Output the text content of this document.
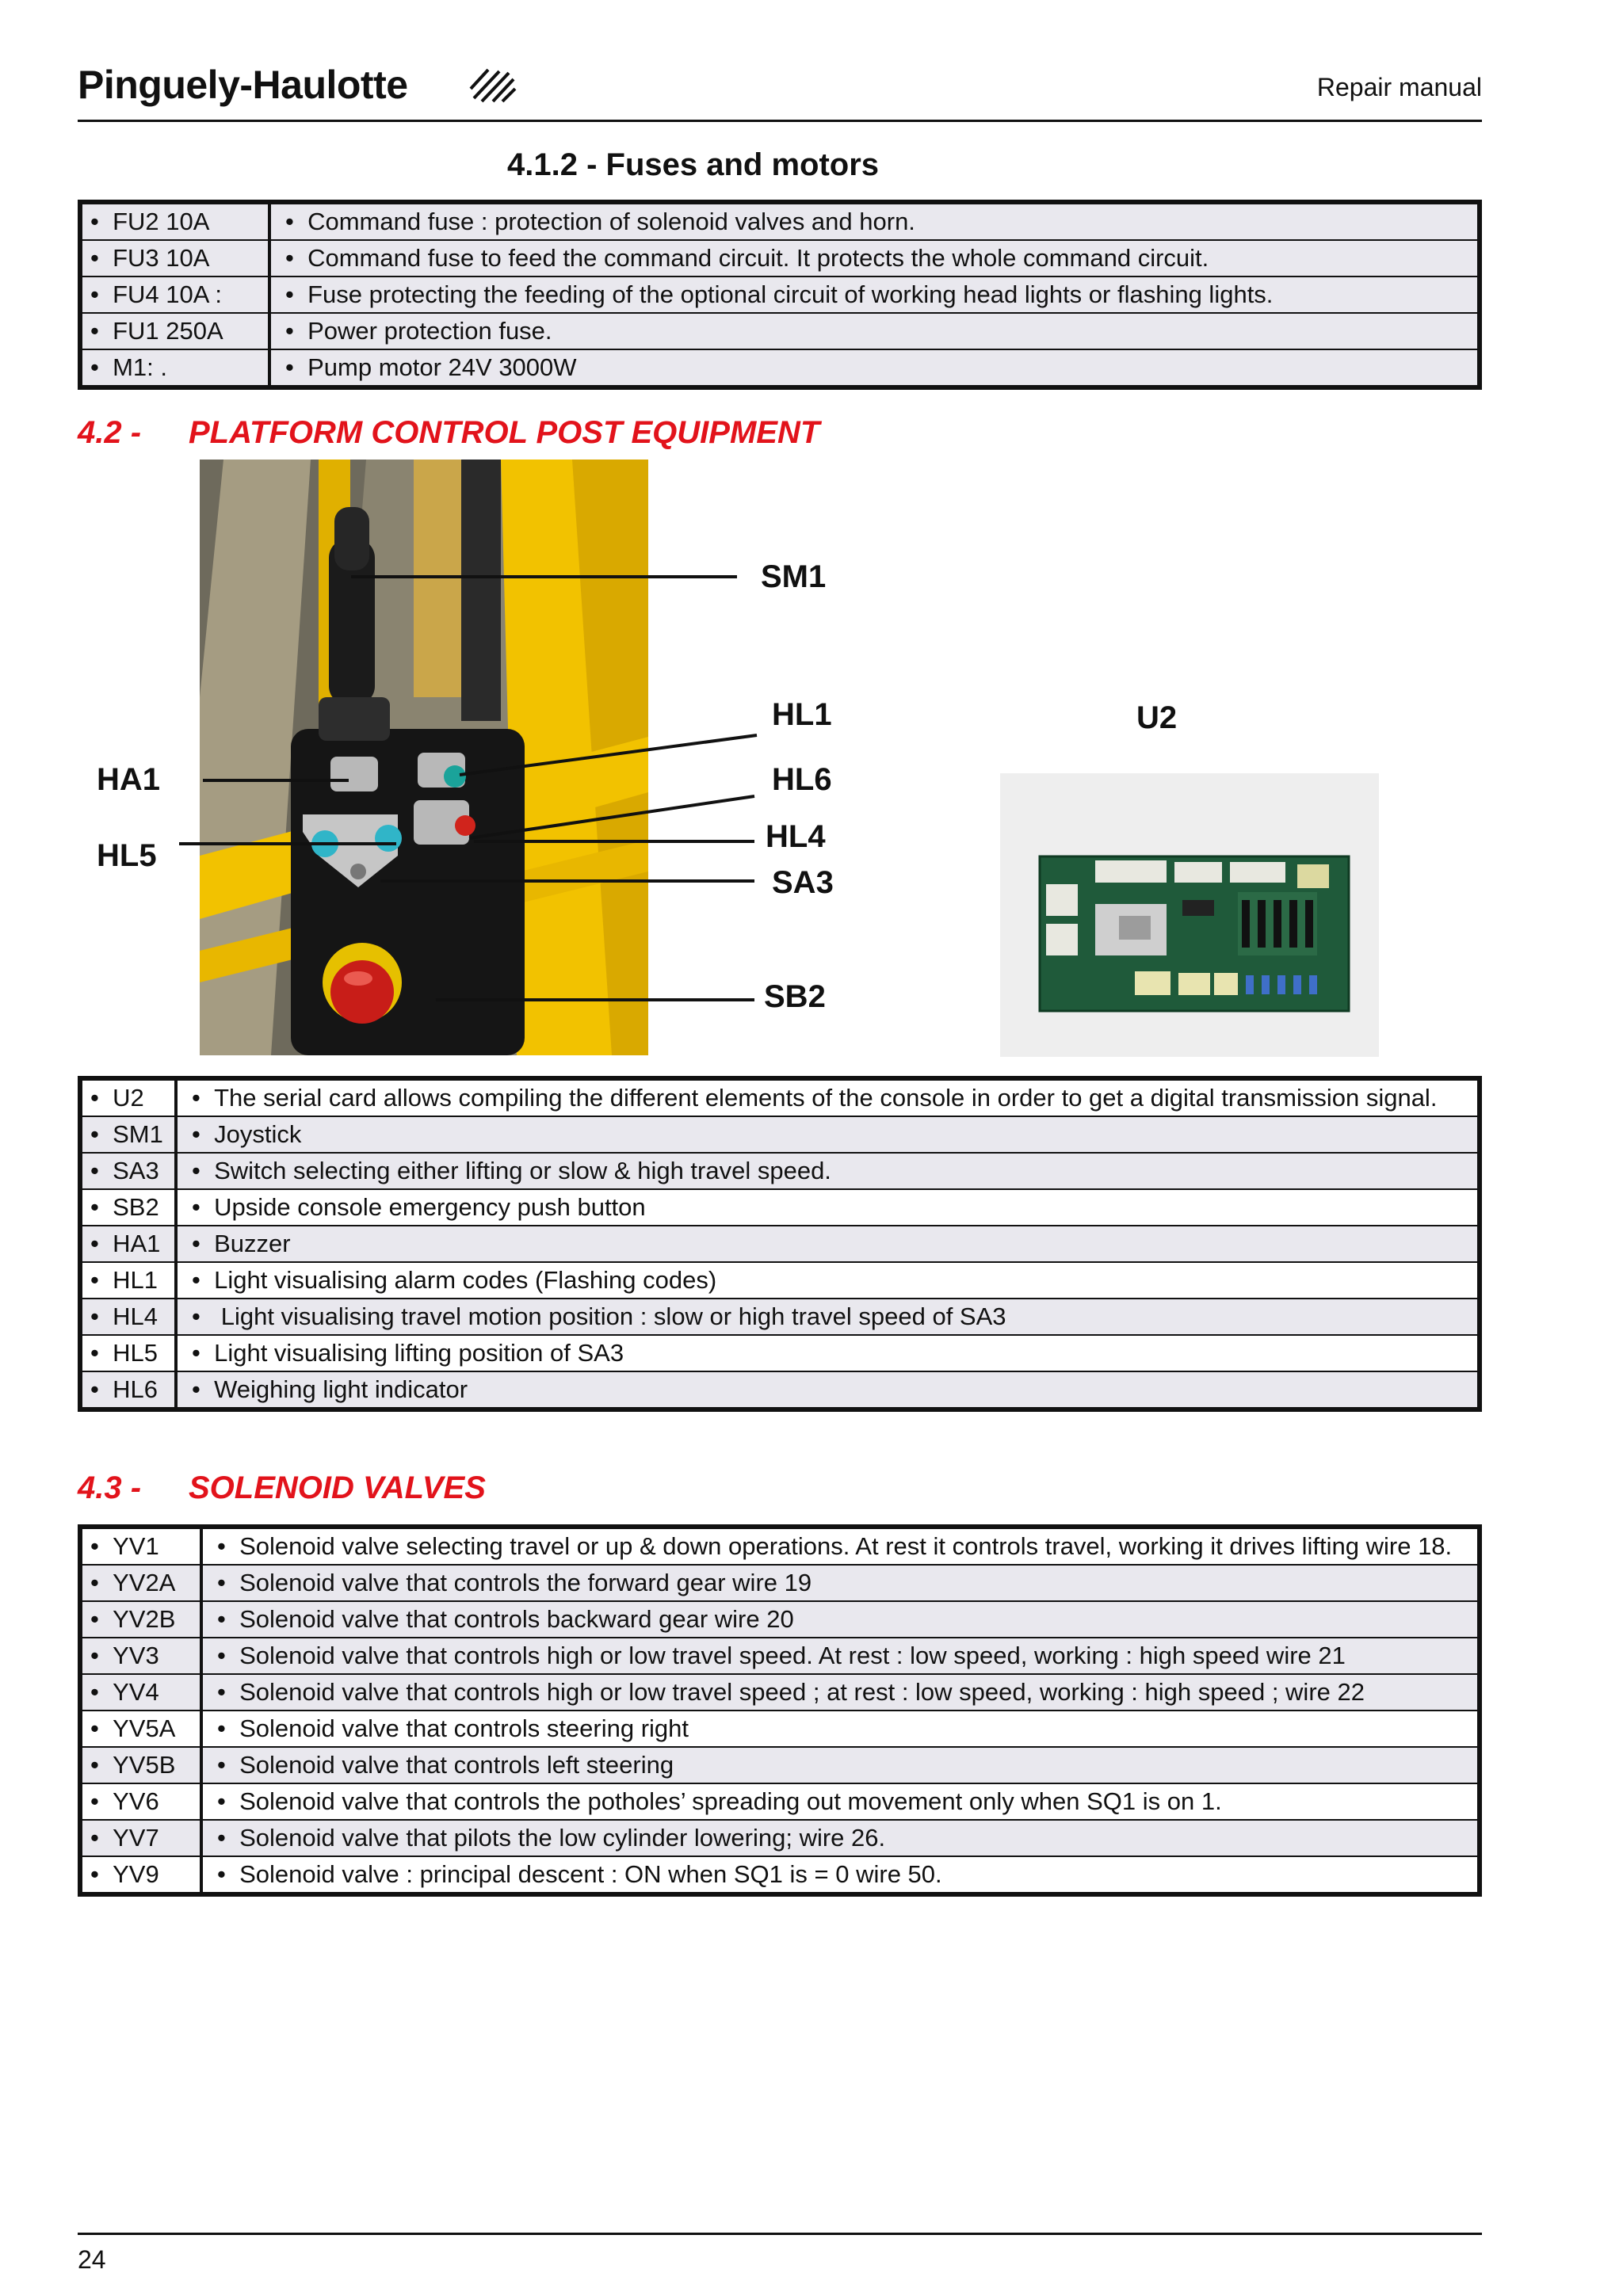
Pinguely-Haulotte	Repair manual
4.1.2 - Fuses and motors
•  FU2 10A	•  Command fuse : protection of solenoid valves and horn.
•  FU3 10A	•  Command fuse to feed the command circuit. It protects the whole command circuit.
•  FU4 10A :	•  Fuse protecting the feeding of the optional circuit of working head lights or flashing lights.
•  FU1 250A	•  Power protection fuse.
•  M1: .	•  Pump motor 24V 3000W
4.2 - PLATFORM CONTROL POST EQUIPMENT
SM1
HL1
HA1	HL6
HL5
HL4
SA3
SB2
U2
•  U2	•  The serial card allows compiling the different elements of the console in order to get a digital transmission signal.
•  SM1	•  Joystick
•  SA3	•  Switch selecting either lifting or slow & high travel speed.
•  SB2	•  Upside console emergency push button
•  HA1	•  Buzzer
•  HL1	•  Light visualising alarm codes (Flashing codes)
•  HL4	•   Light visualising travel motion position : slow or high travel speed of SA3
•  HL5	•  Light visualising lifting position of SA3
•  HL6	•  Weighing light indicator
4.3 - SOLENOID VALVES
•  YV1	•  Solenoid valve selecting travel or up & down operations. At rest it controls travel, working it drives lifting wire 18.
•  YV2A	•  Solenoid valve that controls the forward gear wire 19
•  YV2B	•  Solenoid valve that controls backward gear wire 20
•  YV3	•  Solenoid valve that controls high or low travel speed. At rest : low speed, working : high speed wire 21
•  YV4	•  Solenoid valve that controls high or low travel speed ; at rest : low speed, working : high speed ; wire 22
•  YV5A	•  Solenoid valve that controls steering right
•  YV5B	•  Solenoid valve that controls left steering
•  YV6	•  Solenoid valve that controls the potholes’ spreading out movement only when SQ1 is on 1.
•  YV7	•  Solenoid valve that pilots the low cylinder lowering; wire 26.
•  YV9	•  Solenoid valve : principal descent : ON when SQ1 is = 0 wire 50.
24
